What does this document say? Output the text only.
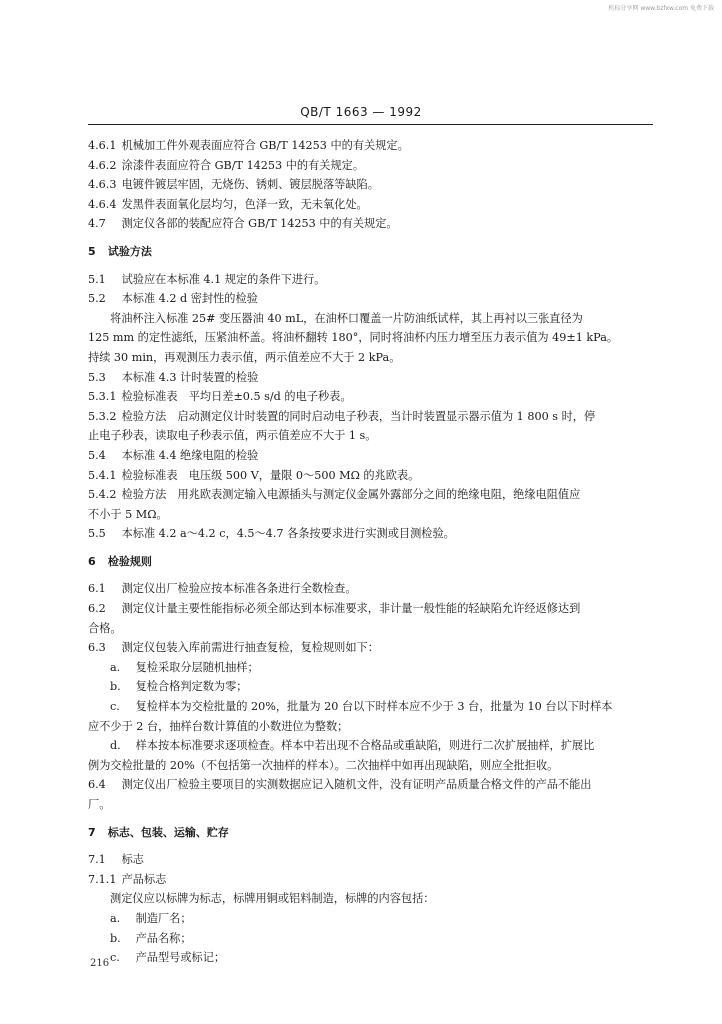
机标分享网 www.bzfxw.com 免费下载
QB/T 1663 — 1992

4.6.1 机械加工件外观表面应符合 GB/T 14253 中的有关规定。

4.6.2 涂漆件表面应符合 GB/T 14253 中的有关规定。

4.6.3 电镀件镀层牢固，无烧伤、锈刺、镀层脱落等缺陷。

4.6.4 发黑件表面氧化层均匀，色泽一致，无未氧化处。

4.7 测定仪各部的装配应符合 GB/T 14253 中的有关规定。

5 试验方法

5.1 试验应在本标准 4.1 规定的条件下进行。

5.2 本标准 4.2 d 密封性的检验

将油杯注入标准 25# 变压器油 40 mL，在油杯口覆盖一片防油纸试样，其上再衬以三张直径为

125 mm 的定性滤纸，压紧油杯盖。将油杯翻转 180°，同时将油杯内压力增至压力表示值为 49±1 kPa。

持续 30 min，再观测压力表示值，两示值差应不大于 2 kPa。

5.3 本标准 4.3 计时装置的检验

5.3.1 检验标准表　平均日差±0.5 s/d 的电子秒表。

5.3.2 检验方法　启动测定仪计时装置的同时启动电子秒表，当计时装置显示器示值为 1 800 s 时，停

止电子秒表，读取电子秒表示值，两示值差应不大于 1 s。

5.4 本标准 4.4 绝缘电阻的检验

5.4.1 检验标准表　电压级 500 V，量限 0～500 MΩ 的兆欧表。

5.4.2 检验方法　用兆欧表测定输入电源插头与测定仪金属外露部分之间的绝缘电阻，绝缘电阻值应

不小于 5 MΩ。

5.5 本标准 4.2 a～4.2 c，4.5～4.7 各条按要求进行实测或目测检验。

6 检验规则

6.1 测定仪出厂检验应按本标准各条进行全数检查。

6.2 测定仪计量主要性能指标必须全部达到本标准要求，非计量一般性能的轻缺陷允许经返修达到

合格。

6.3 测定仪包装入库前需进行抽查复检，复检规则如下：

a. 复检采取分层随机抽样；

b. 复检合格判定数为零；

c. 复检样本为交检批量的 20%，批量为 20 台以下时样本应不少于 3 台，批量为 10 台以下时样本

应不少于 2 台，抽样台数计算值的小数进位为整数；

d. 样本按本标准要求逐项检查。样本中若出现不合格品或重缺陷，则进行二次扩展抽样，扩展比

例为交检批量的 20%（不包括第一次抽样的样本）。二次抽样中如再出现缺陷，则应全批拒收。

6.4 测定仪出厂检验主要项目的实测数据应记入随机文件，没有证明产品质量合格文件的产品不能出

厂。

7 标志、包装、运输、贮存

7.1 标志

7.1.1 产品标志

测定仪应以标牌为标志，标牌用铜或铝料制造，标牌的内容包括：

a. 制造厂名；

b. 产品名称；

c. 产品型号或标记；

216
